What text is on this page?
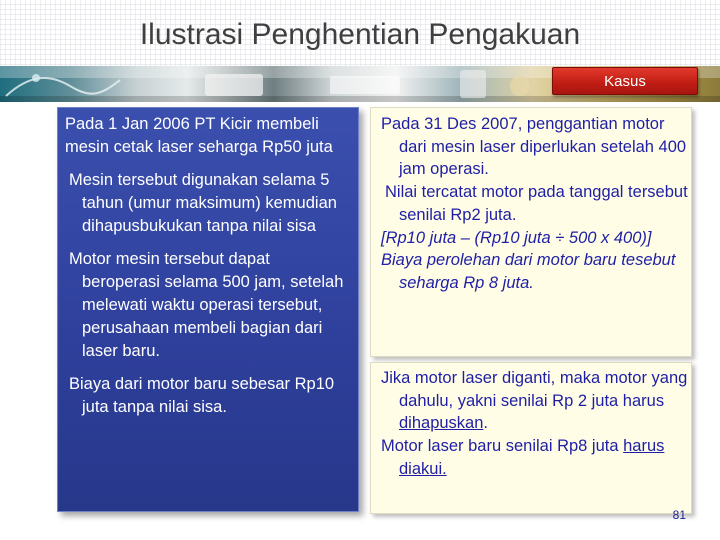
Ilustrasi Penghentian Pengakuan
Kasus

Pada 1 Jan 2006 PT Kicir membeli mesin cetak laser seharga Rp50 juta

Mesin tersebut digunakan selama 5 tahun (umur maksimum) kemudian dihapusbukukan tanpa nilai sisa

Motor mesin tersebut dapat beroperasi selama 500 jam, setelah melewati waktu operasi tersebut, perusahaan membeli bagian dari laser baru.

Biaya dari motor baru sebesar Rp10 juta tanpa nilai sisa.

Pada 31 Des 2007, penggantian motor dari mesin laser diperlukan setelah 400 jam operasi.

Nilai tercatat motor pada tanggal tersebut senilai Rp2 juta.

[Rp10 juta – (Rp10 juta ÷ 500 x 400)]

Biaya perolehan dari motor baru tesebut seharga Rp 8 juta.

Jika motor laser diganti, maka motor yang dahulu, yakni senilai Rp 2 juta harus dihapuskan.

Motor laser baru senilai Rp8 juta harus diakui.

81
